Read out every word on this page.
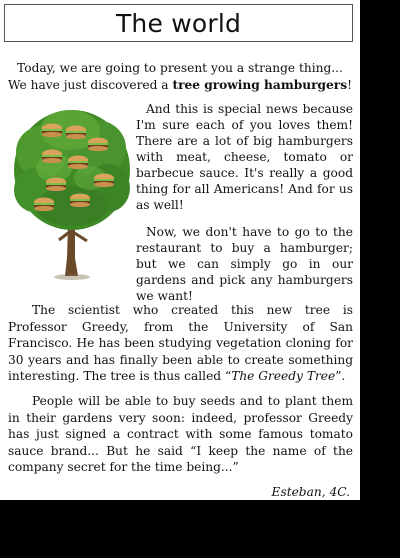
The world
Today, we are going to present you a strange thing...
We have just discovered a tree growing hamburgers!
And this is special news because I'm sure each of you loves them! There are a lot of big hamburgers with meat, cheese, tomato or barbecue sauce. It's really a good thing for all Americans! And for us as well!
Now, we don't have to go to the restaurant to buy a hamburger; but we can simply go in our gardens and pick any hamburgers we want!
The scientist who created this new tree is Professor Greedy, from the University of San Francisco. He has been studying vegetation cloning for 30 years and has finally been able to create something interesting. The tree is thus called “The Greedy Tree”.
People will be able to buy seeds and to plant them in their gardens very soon: indeed, professor Greedy has just signed a contract with some famous tomato sauce brand... But he said “I keep the name of the company secret for the time being...”
Esteban, 4C.
